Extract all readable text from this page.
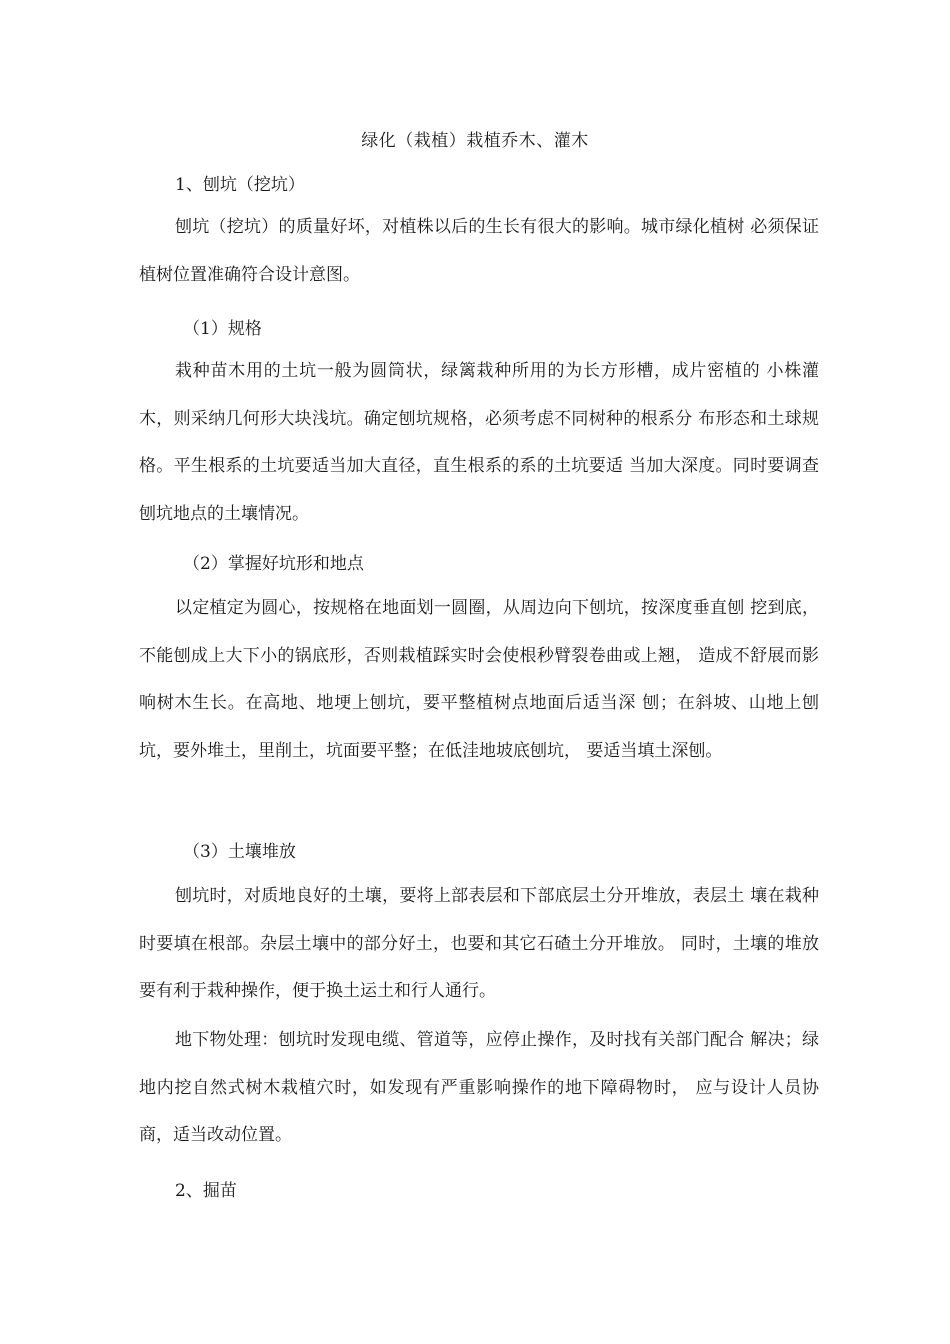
绿化（栽植）栽植乔木、灌木

1、刨坑（挖坑）

刨坑（挖坑）的质量好坏，对植株以后的生长有很大的影响。城市绿化植树 必须保证植树位置准确符合设计意图。

（1）规格

栽种苗木用的土坑一般为圆筒状，绿篱栽种所用的为长方形槽，成片密植的 小株灌木，则采纳几何形大块浅坑。确定刨坑规格，必须考虑不同树种的根系分 布形态和土球规格。平生根系的土坑要适当加大直径，直生根系的系的土坑要适 当加大深度。同时要调查刨坑地点的土壤情况。

（2）掌握好坑形和地点

以定植定为圆心，按规格在地面划一圆圈，从周边向下刨坑，按深度垂直刨 挖到底，不能刨成上大下小的锅底形，否则栽植踩实时会使根秒臂裂卷曲或上翘， 造成不舒展而影响树木生长。在高地、地埂上刨坑，要平整植树点地面后适当深 刨；在斜坡、山地上刨坑，要外堆土，里削土，坑面要平整；在低洼地坡底刨坑， 要适当填土深刨。

（3）土壤堆放

刨坑时，对质地良好的土壤，要将上部表层和下部底层土分开堆放，表层土 壤在栽种时要填在根部。杂层土壤中的部分好土，也要和其它石碴土分开堆放。 同时，土壤的堆放要有利于栽种操作，便于换土运土和行人通行。

地下物处理：刨坑时发现电缆、管道等，应停止操作，及时找有关部门配合 解决；绿地内挖自然式树木栽植穴时，如发现有严重影响操作的地下障碍物时， 应与设计人员协商，适当改动位置。

2、掘苗
